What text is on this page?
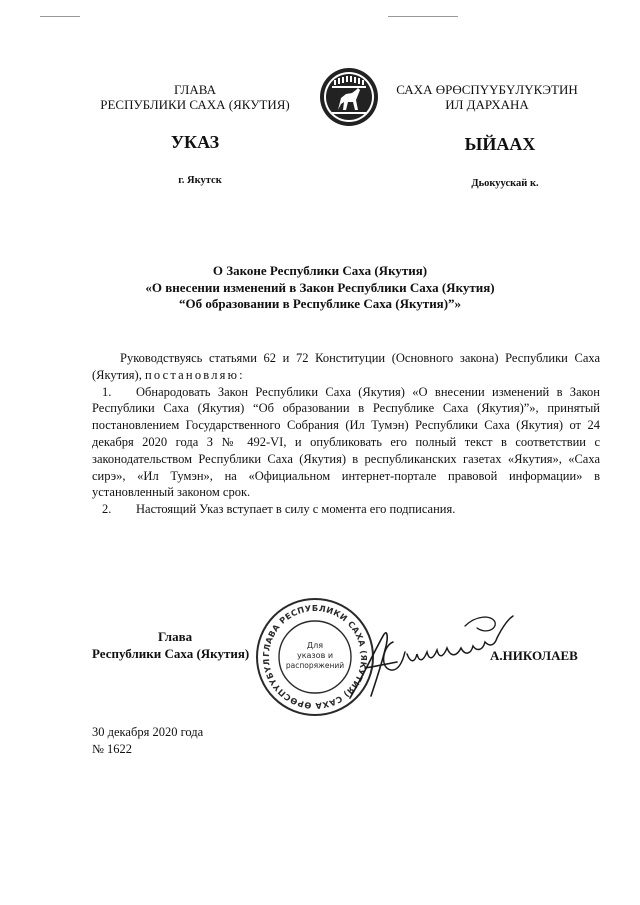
ГЛАВА
РЕСПУБЛИКИ САХА (ЯКУТИЯ)
САХА ӨРӨСПҮҮБҮЛҮКЭТИН
ИЛ ДАРХАНА
УКАЗ	ЫЙААХ
г. Якутск	Дьокуускай к.
О Законе Республики Саха (Якутия)
«О внесении изменений в Закон Республики Саха (Якутия)
“Об образовании в Республике Саха (Якутия)”»

Руководствуясь статьями 62 и 72 Конституции (Основного закона) Республики Саха (Якутия), постановляю:

1. Обнародовать Закон Республики Саха (Якутия) «О внесении изменений в Закон Республики Саха (Якутия) “Об образовании в Республике Саха (Якутия)”», принятый постановлением Государственного Собрания (Ил Тумэн) Республики Саха (Якутия) от 24 декабря 2020 года З № 492-VI, и опубликовать его полный текст в соответствии с законодательством Республики Саха (Якутия) в республиканских газетах «Якутия», «Саха сирэ», «Ил Тумэн», на «Официальном интернет-портале правовой информации» в установленный законом срок.

2. Настоящий Указ вступает в силу с момента его подписания.

Глава
Республики Саха (Якутия)	ГЛАВА РЕСПУБЛИКИ САХА (ЯКУТИЯ) САХА ӨРӨСПҮҮБҮЛ
Для
указов и
распоряжений
А.НИКОЛАЕВ
30 декабря 2020 года
№ 1622
